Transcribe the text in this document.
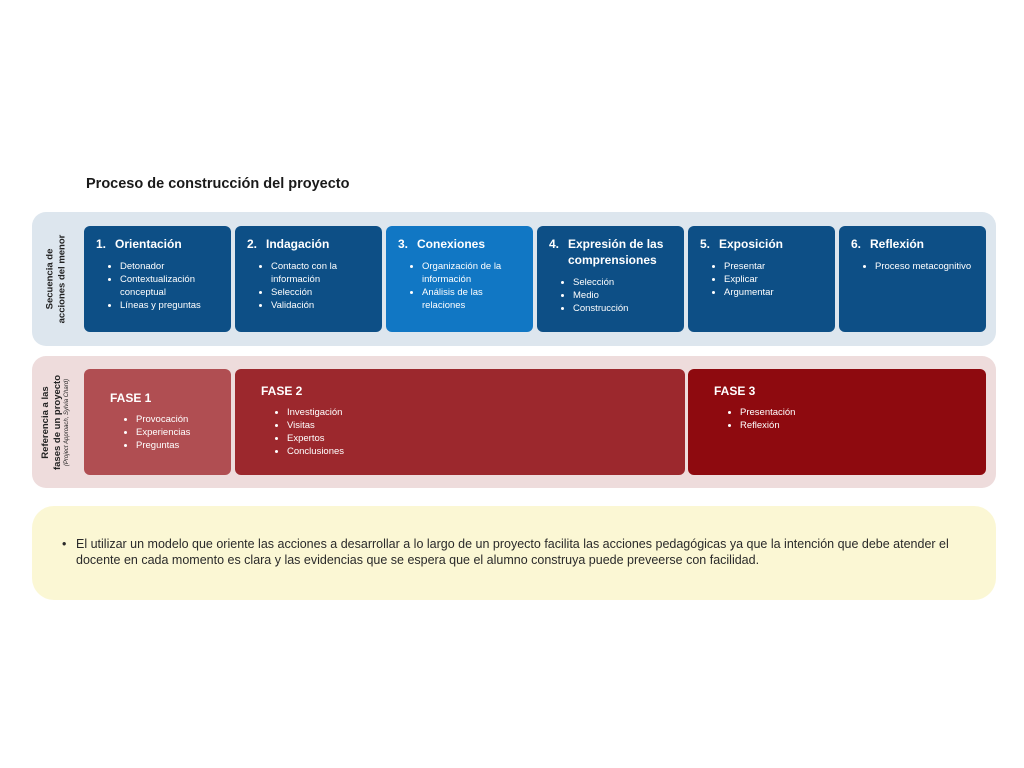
Proceso de construcción del proyecto
Secuencia de acciones del menor
Referencia a las fases de un proyecto (Project Approach, Sylvia Chard)
1. Orientación
• Detonador
• Contextualización conceptual
• Líneas y preguntas
2. Indagación
• Contacto con la información
• Selección
• Validación
3. Conexiones
• Organización de la información
• Análisis de las relaciones
4. Expresión de las comprensiones
• Selección
• Medio
• Construcción
5. Exposición
• Presentar
• Explicar
• Argumentar
6. Reflexión
• Proceso metacognitivo
FASE 1
• Provocación
• Experiencias
• Preguntas
FASE 2
• Investigación
• Visitas
• Expertos
• Conclusiones
FASE 3
• Presentación
• Reflexión

• El utilizar un modelo que oriente las acciones a desarrollar a lo largo de un proyecto facilita las acciones pedagógicas ya que la intención que debe atender el docente en cada momento es clara y las evidencias que se espera que el alumno construya puede preveerse con facilidad.
